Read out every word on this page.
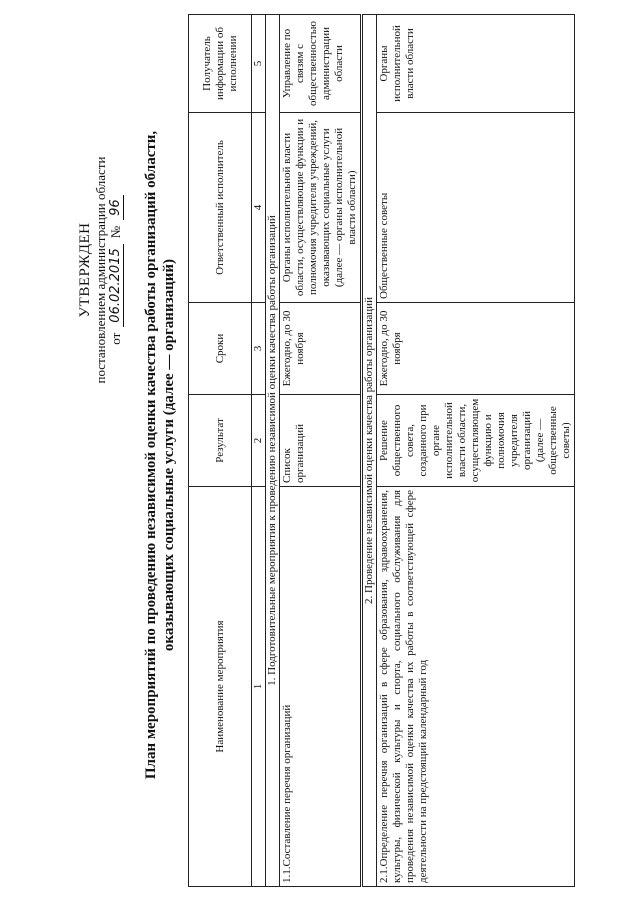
УТВЕРЖДЕН постановлением администрации области от
06.02.2015
№
96 План мероприятий по проведению независимой оценки качества работы организаций области, оказывающих социальные услуги (далее — организаций)
Наименование мероприятия	Результат	Сроки	Ответственный исполнитель	Получатель информации об исполнении
1	2	3	4	5
1. Подготовительные мероприятия к проведению независимой оценки качества работы организаций				
1.1.Составление перечня организаций	Список организаций	Ежегодно, до 30 ноября	Органы исполнительной власти области, осуществляющие функции и полномочия учредителя учреждений, оказывающих социальные услуги (далее — органы исполнительной власти области)	Управление по связям с общественностью администрации области
2. Проведение независимой оценки качества работы организаций				
2.1.Определение перечня организаций в сфере образования, здравоохранения, культуры, физической культуры и спорта, социального обслуживания для проведения независимой оценки качества их работы в соответствующей сфере деятельности на предстоящий календарный год	Решение общественного совета, созданного при органе исполнительной власти области, осуществляющем функцию и полномочия учредителя организаций (далее — общественные советы)	Ежегодно, до 30 ноября	Общественные советы	Органы исполнительной власти области
